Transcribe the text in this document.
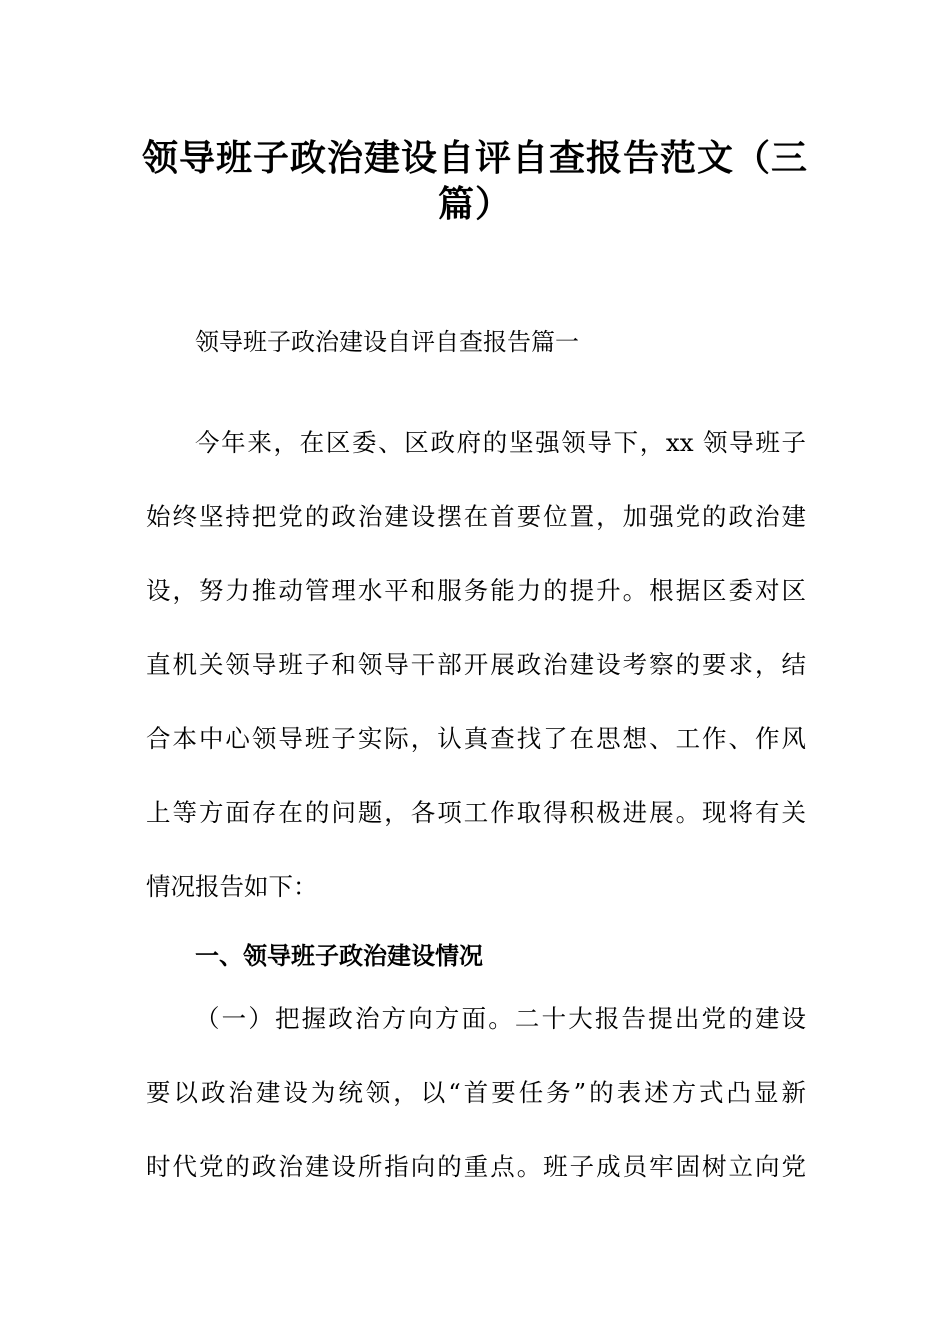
领导班子政治建设自评自查报告范文（三
篇）
领导班子政治建设自评自查报告篇一
今年来，在区委、区政府的坚强领导下，xx 领导班子
始终坚持把党的政治建设摆在首要位置，加强党的政治建
设，努力推动管理水平和服务能力的提升。根据区委对区
直机关领导班子和领导干部开展政治建设考察的要求，结
合本中心领导班子实际，认真查找了在思想、工作、作风
上等方面存在的问题，各项工作取得积极进展。现将有关
情况报告如下：
一、领导班子政治建设情况
（一）把握政治方向方面。二十大报告提出党的建设
要以政治建设为统领，以“首要任务”的表述方式凸显新
时代党的政治建设所指向的重点。班子成员牢固树立向党
